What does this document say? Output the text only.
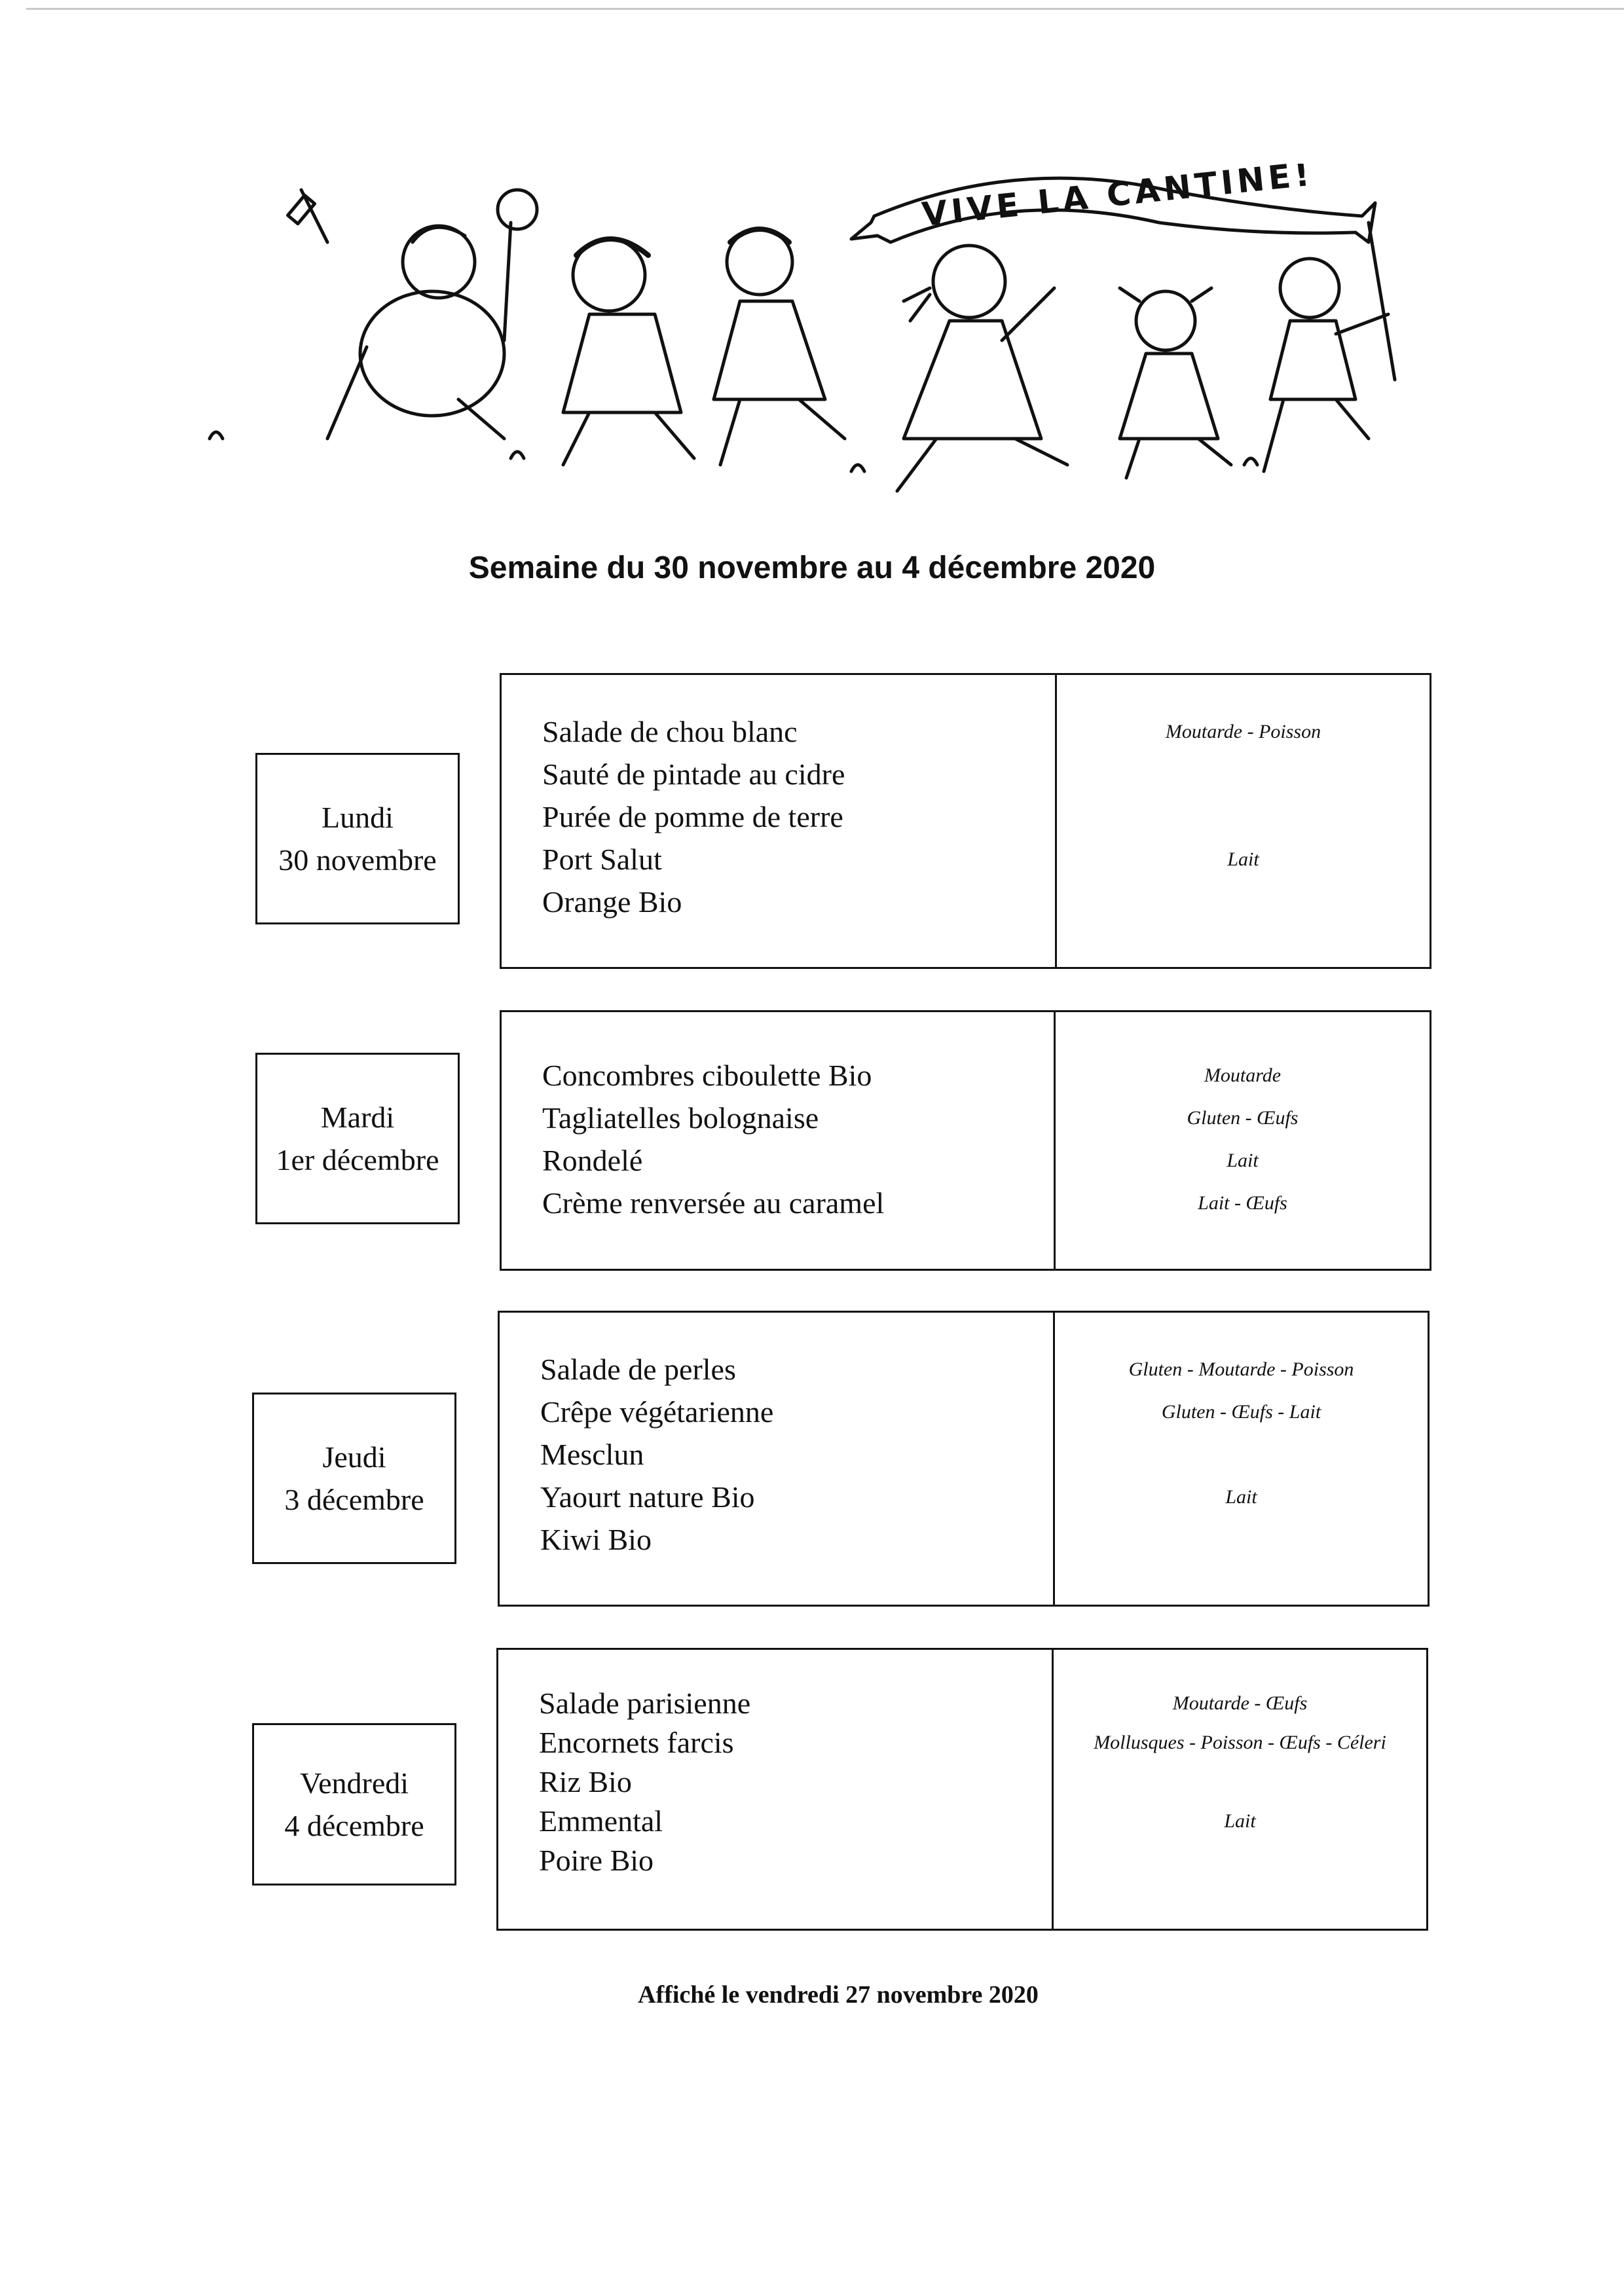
VIVE LA CANTINE!
Semaine du 30 novembre au 4 décembre 2020
Lundi
30 novembre
Salade de chou blanc
Sauté de pintade au cidre
Purée de pomme de terre
Port Salut
Orange Bio
Moutarde - Poisson
Lait
Mardi
1er décembre
Concombres ciboulette Bio
Tagliatelles bolognaise
Rondelé
Crème renversée au caramel
Moutarde
Gluten - Œufs
Lait
Lait - Œufs
Jeudi
3 décembre
Salade de perles
Crêpe végétarienne
Mesclun
Yaourt nature Bio
Kiwi Bio
Gluten - Moutarde - Poisson
Gluten - Œufs - Lait
Lait
Vendredi
4 décembre
Salade parisienne
Encornets farcis
Riz Bio
Emmental
Poire Bio
Moutarde - Œufs
Mollusques - Poisson - Œufs - Céleri
Lait
Affiché le vendredi 27 novembre 2020
